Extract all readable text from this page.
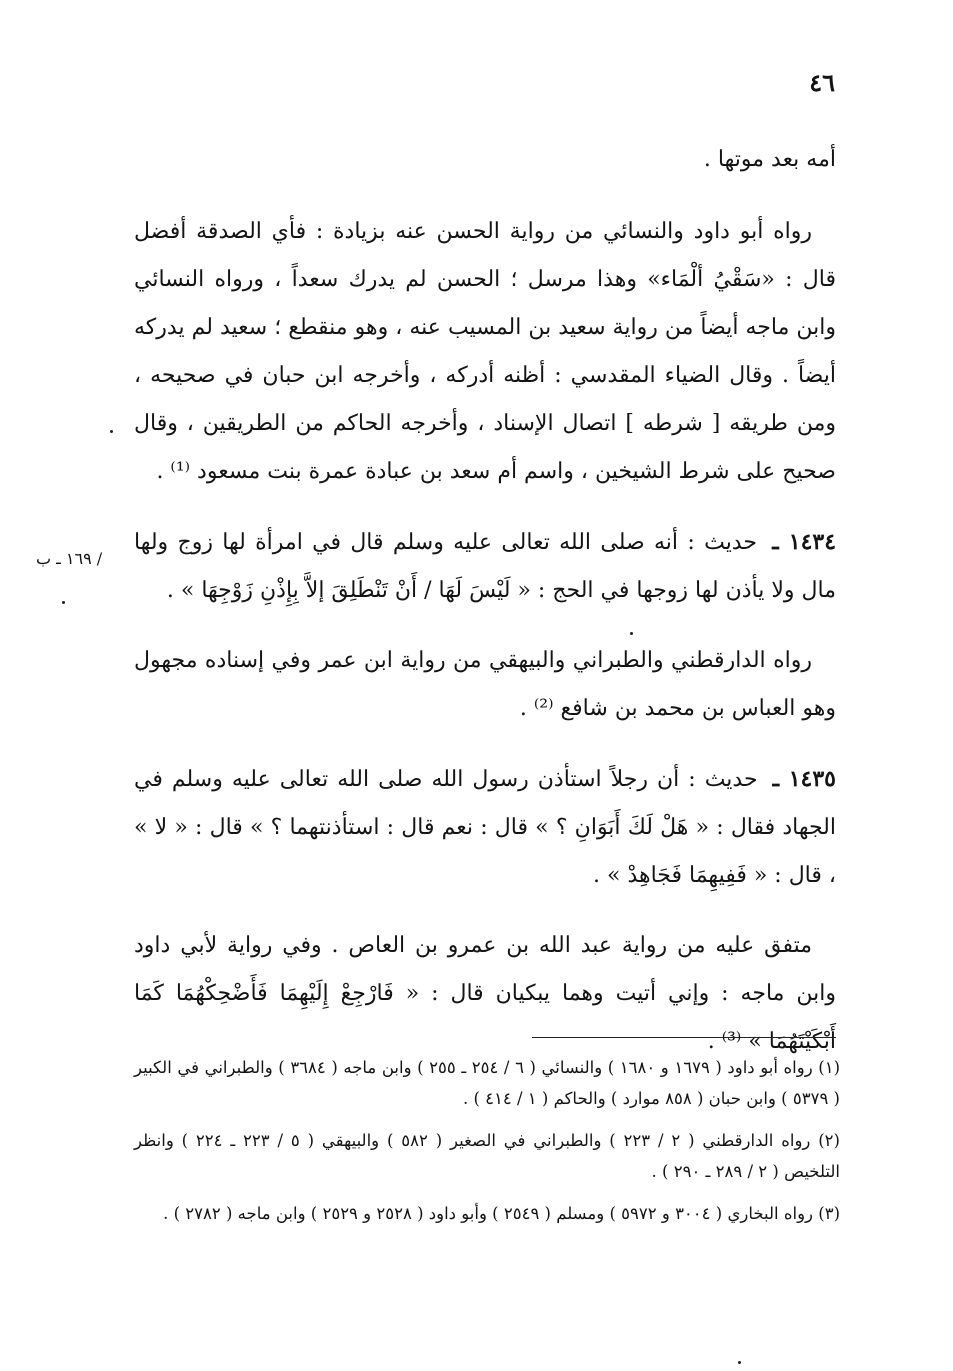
٤٦
/ ١٦٩ ـ ب

أمه بعد موتها .

رواه أبو داود والنسائي من رواية الحسن عنه بزيادة : فأي الصدقة أفضل قال : «سَقْيُ ألْمَاء» وهذا مرسل ؛ الحسن لم يدرك سعداً ، ورواه النسائي وابن ماجه أيضاً من رواية سعيد بن المسيب عنه ، وهو منقطع ؛ سعيد لم يدركه أيضاً . وقال الضياء المقدسي : أظنه أدركه ، وأخرجه ابن حبان في صحيحه ، ومن طريقه [ شرطه ] اتصال الإسناد ، وأخرجه الحاكم من الطريقين ، وقال صحيح على شرط الشيخين ، واسم أم سعد بن عبادة عمرة بنت مسعود ⁽¹⁾ .

١٤٣٤ ـ حديث : أنه صلى الله تعالى عليه وسلم قال في امرأة لها زوج ولها مال ولا يأذن لها زوجها في الحج : « لَيْسَ لَهَا / أَنْ تَنْطَلِقَ إلاَّ بِإِذْنِ زَوْجِهَا » .

رواه الدارقطني والطبراني والبيهقي من رواية ابن عمر وفي إسناده مجهول وهو العباس بن محمد بن شافع ⁽²⁾ .

١٤٣٥ ـ حديث : أن رجلاً استأذن رسول الله صلى الله تعالى عليه وسلم في الجهاد فقال : « هَلْ لَكَ أَبَوَانِ ؟ » قال : نعم قال : استأذنتهما ؟ » قال : « لا » ، قال : « فَفِيهِمَا فَجَاهِدْ » .

متفق عليه من رواية عبد الله بن عمرو بن العاص . وفي رواية لأبي داود وابن ماجه : وإني أتيت وهما يبكيان قال : « فَارْجِعْ إِلَيْهِمَا فَأَضْحِكْهُمَا كَمَا أَبْكَيْتَهُمَا » ⁽³⁾ .

(١) رواه أبو داود ( ١٦٧٩ و ١٦٨٠ ) والنسائي ( ٦ / ٢٥٤ ـ ٢٥٥ ) وابن ماجه ( ٣٦٨٤ ) والطبراني في الكبير ( ٥٣٧٩ ) وابن حبان ( ٨٥٨ موارد ) والحاكم ( ١ / ٤١٤ ) .

(٢) رواه الدارقطني ( ٢ / ٢٢٣ ) والطبراني في الصغير ( ٥٨٢ ) والبيهقي ( ٥ / ٢٢٣ ـ ٢٢٤ ) وانظر التلخيص ( ٢ / ٢٨٩ ـ ٢٩٠ ) .

(٣) رواه البخاري ( ٣٠٠٤ و ٥٩٧٢ ) ومسلم ( ٢٥٤٩ ) وأبو داود ( ٢٥٢٨ و ٢٥٢٩ ) وابن ماجه ( ٢٧٨٢ ) .
